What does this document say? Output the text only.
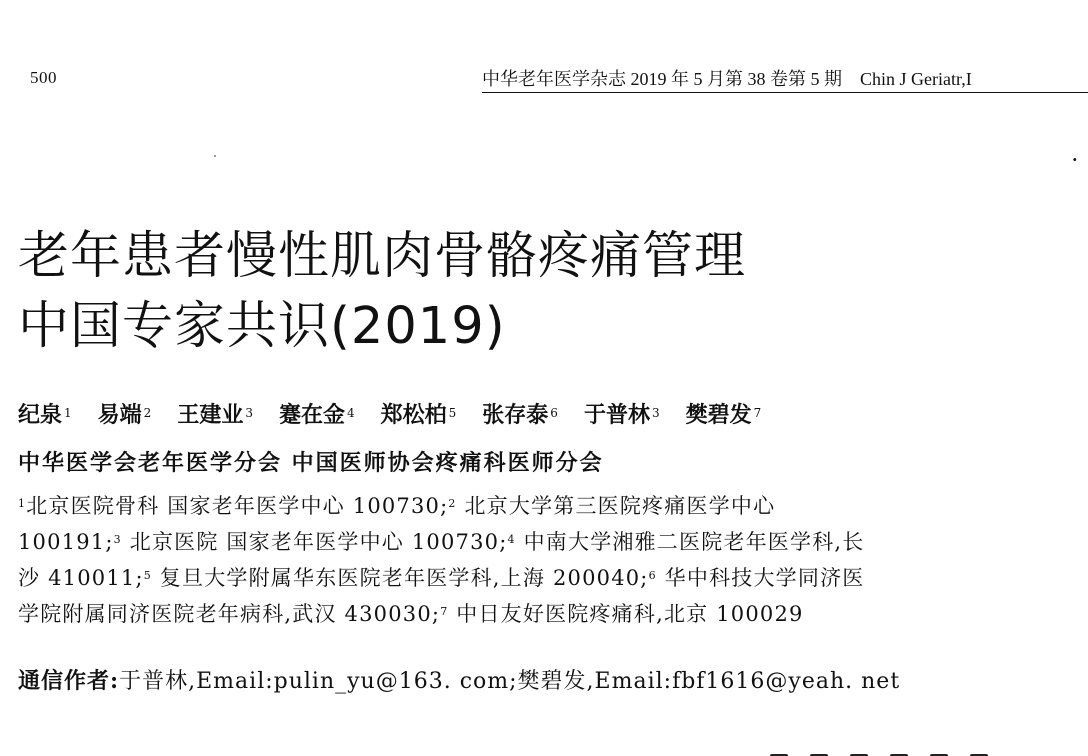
500	中华老年医学杂志 2019 年 5 月第 38 卷第 5 期 Chin J Geriatr,I
·
老年患者慢性肌肉骨骼疼痛管理
中国专家共识(2019)
纪泉 $^1$ 易端 $^2$ 王建业 $^3$ 蹇在金 $^4$ 郑松柏 $^5$ 张存泰 $^6$ 于普林 $^3$ 樊碧发 $^7$
中华医学会老年医学分会 中国医师协会疼痛科医师分会
$^1$北京医院骨科 国家老年医学中心 100730;$^2$ 北京大学第三医院疼痛医学中心
100191;$^3$ 北京医院 国家老年医学中心 100730;$^4$ 中南大学湘雅二医院老年医学科,长
沙 410011;$^5$ 复旦大学附属华东医院老年医学科,上海 200040;$^6$ 华中科技大学同济医
学院附属同济医院老年病科,武汉 430030;$^7$ 中日友好医院疼痛科,北京 100029
通信作者:于普林,Email:pulin_yu@163. com;樊碧发,Email:fbf1616@yeah. net
